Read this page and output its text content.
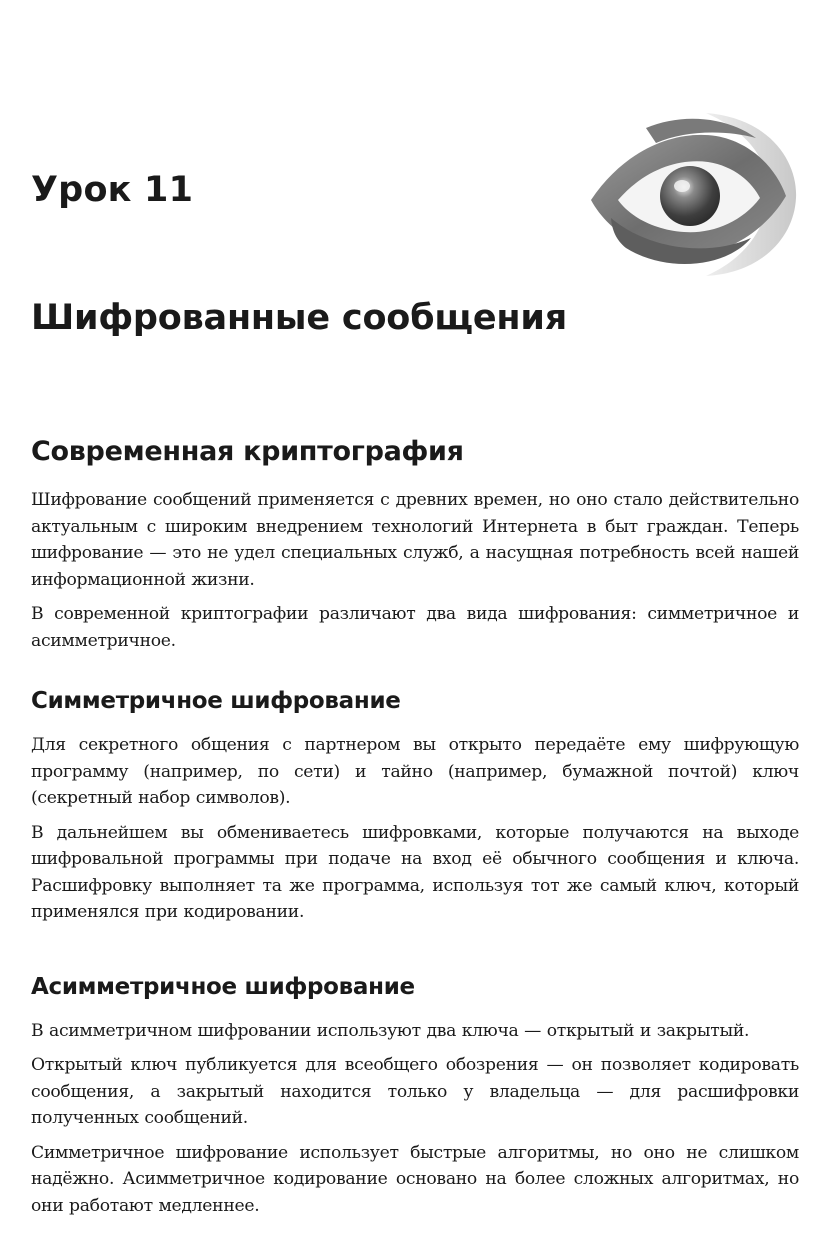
Урок 11
Шифрованные сообщения
Современная криптография

Шифрование сообщений применяется с древних времен, но оно стало действительно актуальным с широким внедрением технологий Интернета в быт граждан. Теперь шифрование — это не удел специальных служб, а насущная потребность всей нашей информационной жизни.

В современной криптографии различают два вида шифрования: симметричное и асимметричное.

Симметричное шифрование

Для секретного общения с партнером вы открыто передаёте ему шифрующую программу (например, по сети) и тайно (например, бумажной почтой) ключ (секретный набор символов).

В дальнейшем вы обмениваетесь шифровками, которые получаются на выходе шифровальной программы при подаче на вход её обычного сообщения и ключа. Расшифровку выполняет та же программа, используя тот же самый ключ, который применялся при кодировании.

Асимметричное шифрование

В асимметричном шифровании используют два ключа — открытый и закрытый.

Открытый ключ публикуется для всеобщего обозрения — он позволяет кодировать сообщения, а закрытый находится только у владельца — для расшифровки полученных сообщений.

Симметричное шифрование использует быстрые алгоритмы, но оно не слишком надёжно. Асимметричное кодирование основано на более сложных алгоритмах, но они работают медленнее.
